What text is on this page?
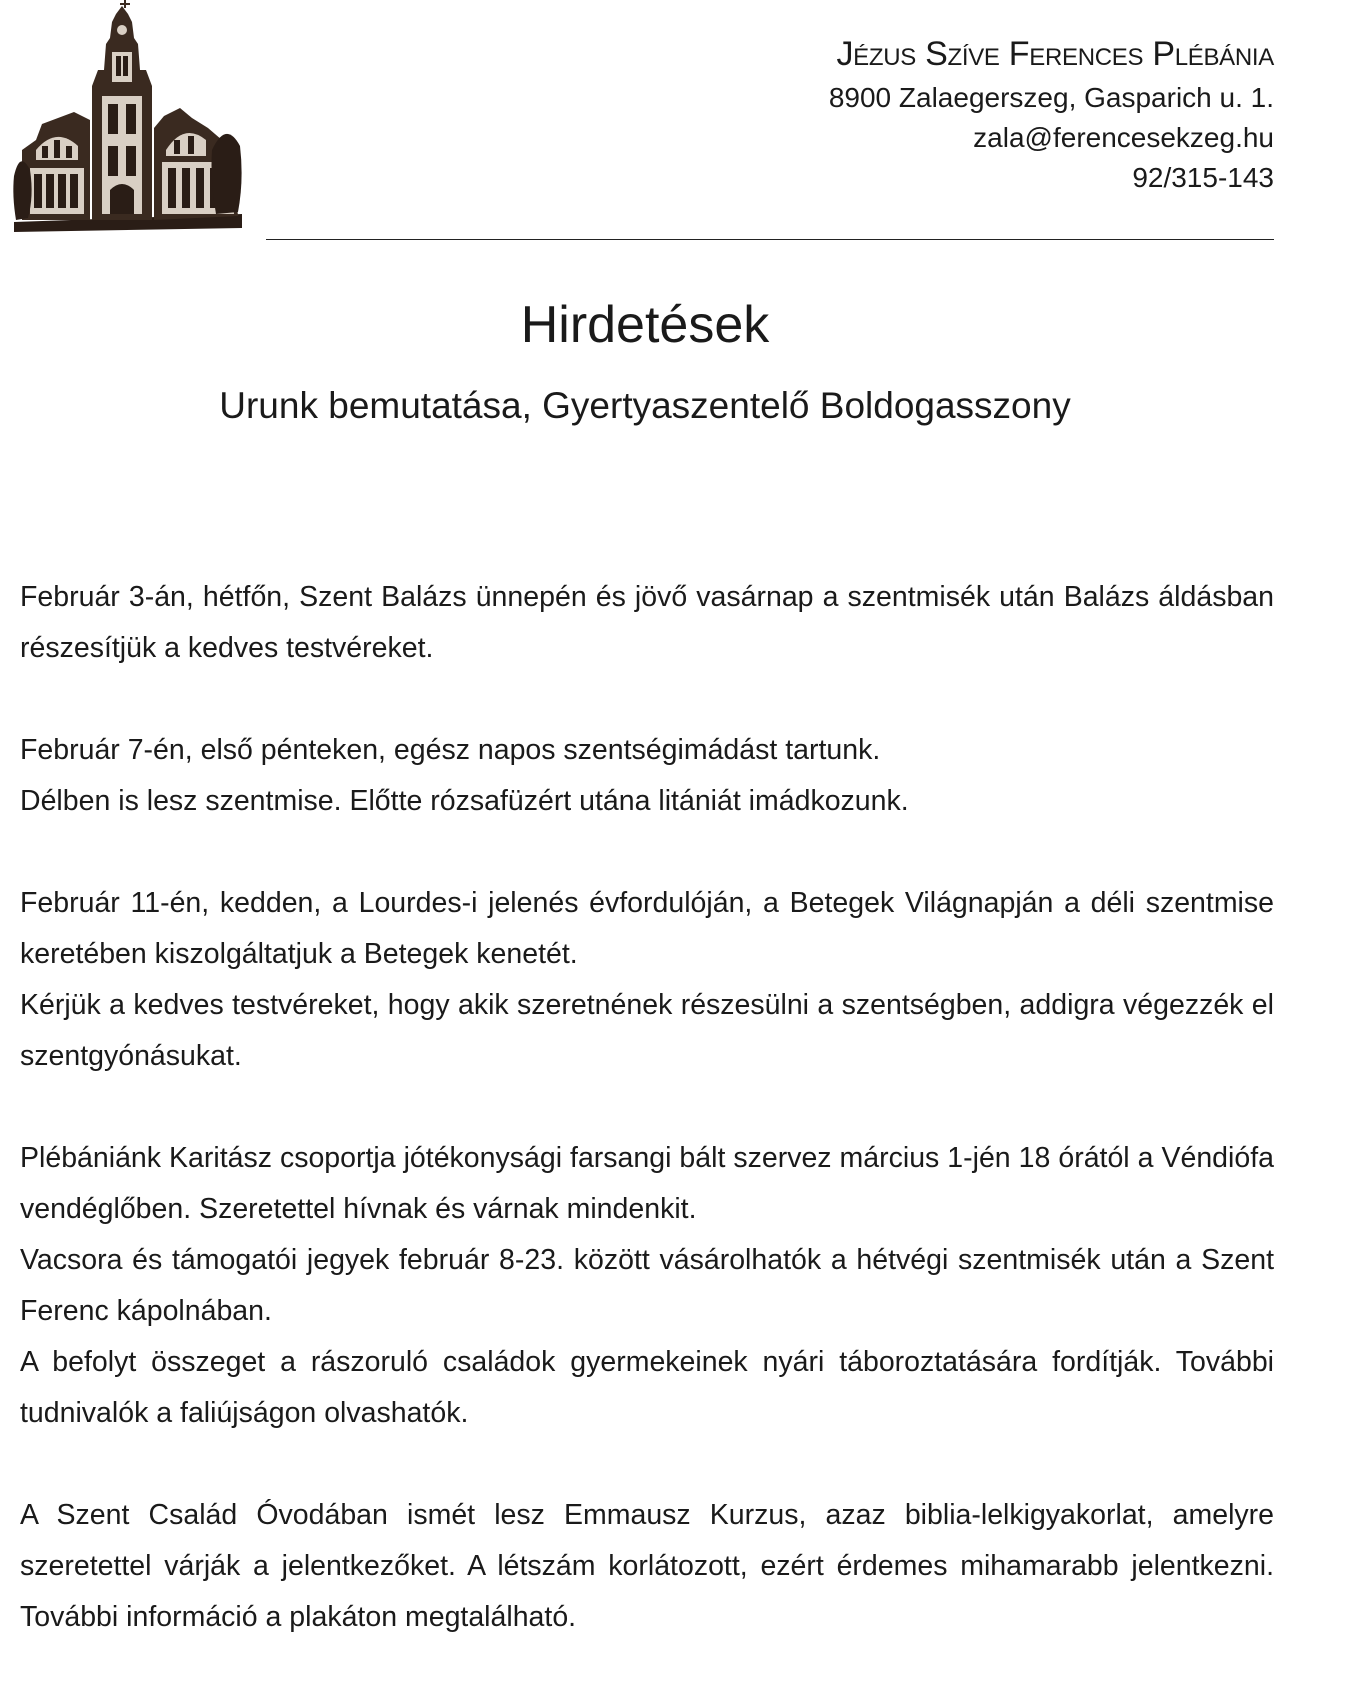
Jézus Szíve Ferences Plébánia
8900 Zalaegerszeg, Gasparich u. 1.
zala@ferencesekzeg.hu
92/315-143
Hirdetések
Urunk bemutatása, Gyertyaszentelő Boldogasszony
Február 3-án, hétfőn, Szent Balázs ünnepén és jövő vasárnap a szentmisék után Balázs áldásban részesítjük a kedves testvéreket.
Február 7-én, első pénteken, egész napos szentségimádást tartunk.
Délben is lesz szentmise. Előtte rózsafüzért utána litániát imádkozunk.
Február 11-én, kedden, a Lourdes-i jelenés évfordulóján, a Betegek Világnapján a déli szentmise keretében kiszolgáltatjuk a Betegek kenetét.
Kérjük a kedves testvéreket, hogy akik szeretnének részesülni a szentségben, addigra végezzék el szentgyónásukat.
Plébániánk Karitász csoportja jótékonysági farsangi bált szervez március 1-jén 18 órától a Véndiófa vendéglőben. Szeretettel hívnak és várnak mindenkit.
Vacsora és támogatói jegyek február 8-23. között vásárolhatók a hétvégi szentmisék után a Szent Ferenc kápolnában.
A befolyt összeget a rászoruló családok gyermekeinek nyári táboroztatására fordítják. További tudnivalók a faliújságon olvashatók.
A Szent Család Óvodában ismét lesz Emmausz Kurzus, azaz biblia-lelkigyakorlat, amelyre szeretettel várják a jelentkezőket. A létszám korlátozott, ezért érdemes mihamarabb jelentkezni. További információ a plakáton megtalálható.
